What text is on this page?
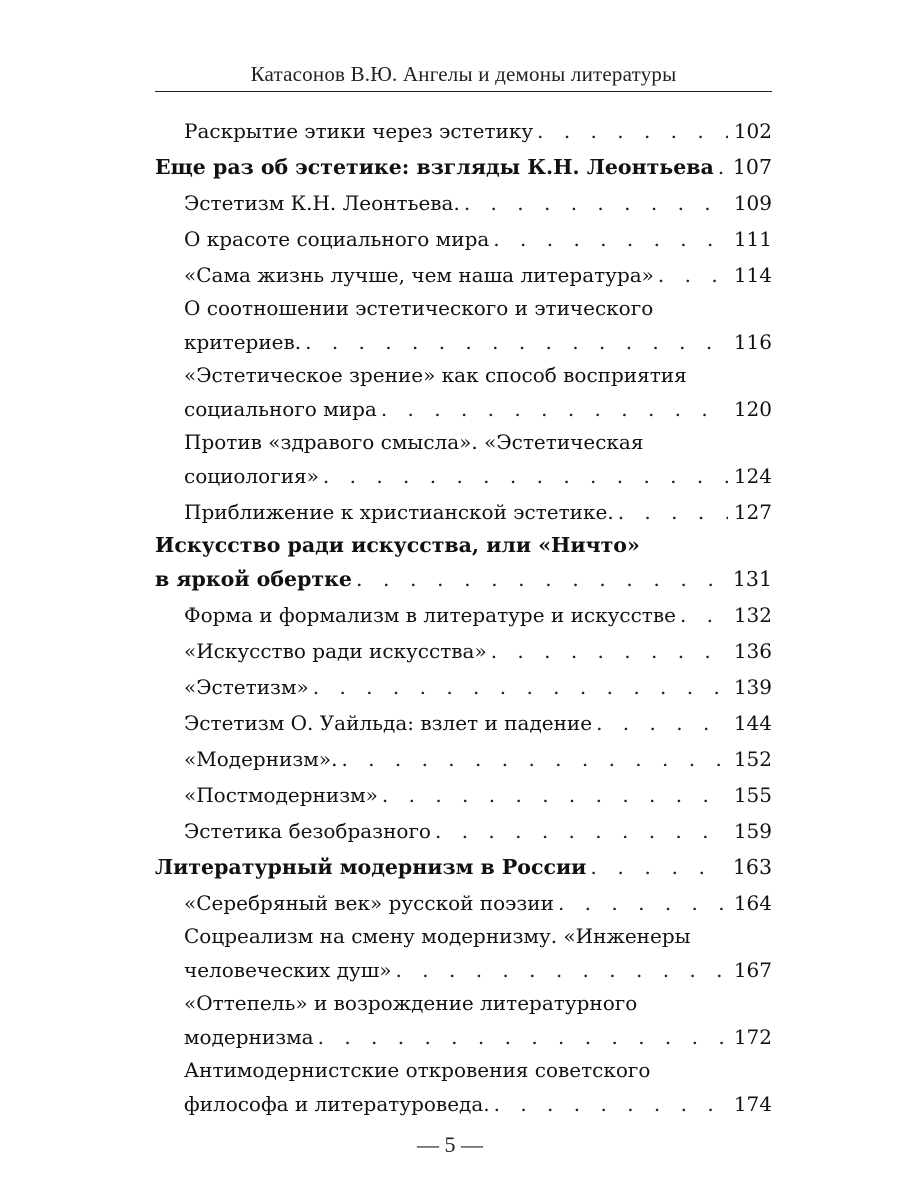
Катасонов В.Ю. Ангелы и демоны литературы
Раскрытие этики через эстетику . . .	102
Еще раз об эстетике: взгляды К.Н. Леонтьева . . . 107
Эстетизм К.Н. Леонтьева. . . .	109
О красоте социального мира . . .	111
«Сама жизнь лучше, чем наша литература» . . .	114
О соотношении эстетического и этического
критериев. . . .	116
«Эстетическое зрение» как способ восприятия
социального мира . . .	120
Против «здравого смысла». «Эстетическая
социология» . . .	124
Приближение к христианской эстетике. . . .	127
Искусство ради искусства, или «Ничто»
в яркой обертке . . .	131
Форма и формализм в литературе и искусстве . . .	132
«Искусство ради искусства» . . .	136
«Эстетизм» . . .	139
Эстетизм О. Уайльда: взлет и падение . . .	144
«Модернизм». . . .	152
«Постмодернизм» . . .	155
Эстетика безобразного . . .	159
Литературный модернизм в России . . .	163
«Серебряный век» русской поэзии . . .	164
Соцреализм на смену модернизму. «Инженеры
человеческих душ» . . .	167
«Оттепель» и возрождение литературного
модернизма . . .	172
Антимодернистские откровения советского
философа и литературоведа. . . .	174
— 5 —
